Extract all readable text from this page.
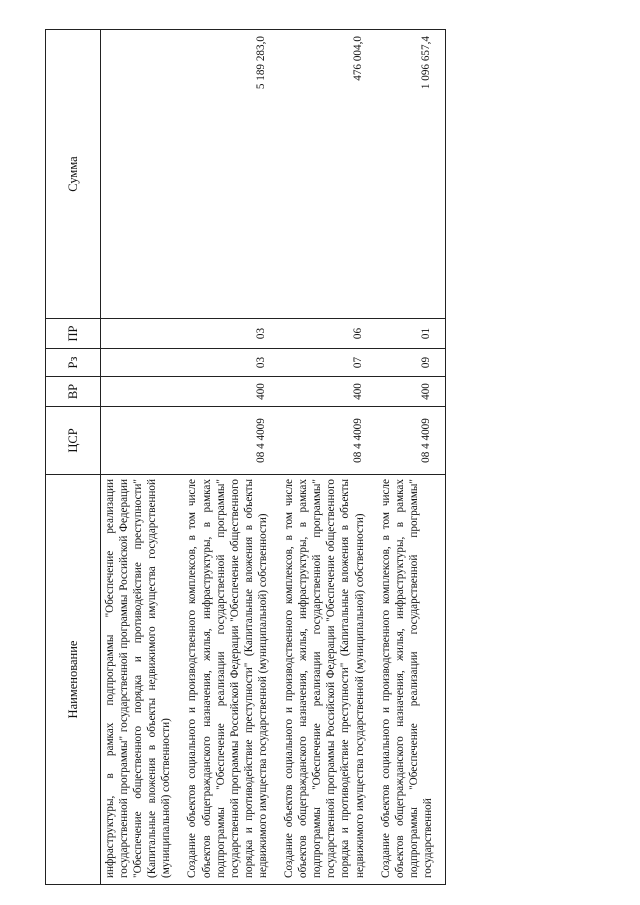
Наименование	ЦСР	ВР	Рз	ПР	Сумма
инфраструктуры, в рамках подпрограммы "Обеспечение реализации государственной программы" государственной программы Российской Федерации "Обеспечение общественного порядка и противодействие преступности" (Капитальные вложения в объекты недвижимого имущества государственной (муниципальной) собственности)					
Создание объектов социального и производственного комплексов, в том числе объектов общегражданского назначения, жилья, инфраструктуры, в рамках подпрограммы "Обеспечение реализации государственной программы" государственной программы Российской Федерации "Обеспечение общественного порядка и противодействие преступности" (Капитальные вложения в объекты недвижимого имущества государственной (муниципальной) собственности)	08 4 4009	400	03	03	5 189 283,0
Создание объектов социального и производственного комплексов, в том числе объектов общегражданского назначения, жилья, инфраструктуры, в рамках подпрограммы "Обеспечение реализации государственной программы" государственной программы Российской Федерации "Обеспечение общественного порядка и противодействие преступности" (Капитальные вложения в объекты недвижимого имущества государственной (муниципальной) собственности)	08 4 4009	400	07	06	476 004,0
Создание объектов социального и производственного комплексов, в том числе объектов общегражданского назначения, жилья, инфраструктуры, в рамках подпрограммы "Обеспечение реализации государственной программы" государственной	08 4 4009	400	09	01	1 096 657,4
